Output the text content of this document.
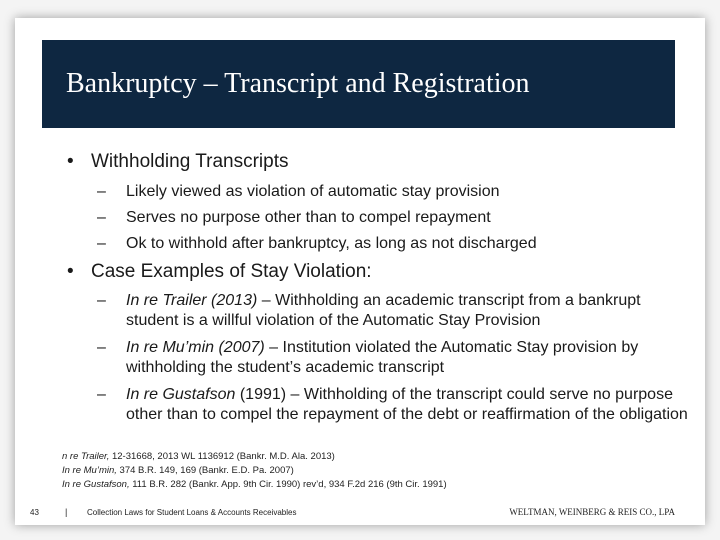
Bankruptcy – Transcript and Registration
• Withholding Transcripts
– Likely viewed as violation of automatic stay provision
– Serves no purpose other than to compel repayment
– Ok to withhold after bankruptcy, as long as not discharged
• Case Examples of Stay Violation:
– In re Trailer (2013) – Withholding an academic transcript from a bankrupt student is a willful violation of the Automatic Stay Provision
– In re Mu’min (2007) – Institution violated the Automatic Stay provision by withholding the student’s academic transcript
– In re Gustafson (1991) – Withholding of the transcript could serve no purpose other than to compel the repayment of the debt or reaffirmation of the obligation
n re Trailer, 12-31668, 2013 WL 1136912 (Bankr. M.D. Ala. 2013)
In re Mu’min, 374 B.R. 149, 169 (Bankr. E.D. Pa. 2007)
In re Gustafson, 111 B.R. 282 (Bankr. App. 9th Cir. 1990) rev’d, 934 F.2d 216 (9th Cir. 1991)
43	| Collection Laws for Student Loans & Accounts Receivables	WELTMAN, WEINBERG & REIS CO., LPA
